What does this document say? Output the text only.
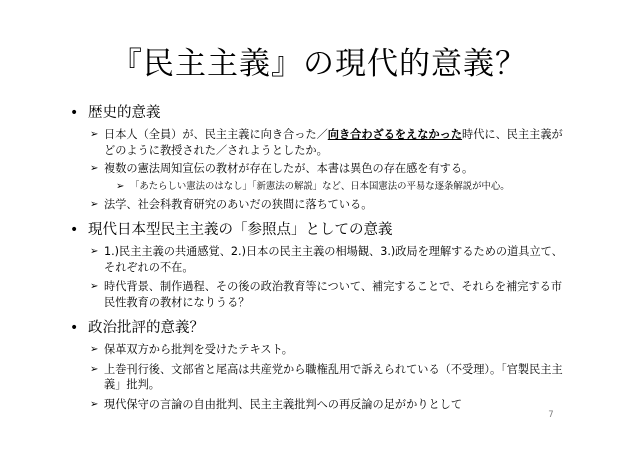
『民主主義』の現代的意義？
• 歴史的意義
➢ 日本人（全員）が、民主主義に向き合った／向き合わざるをえなかった時代に、民主主義がどのように教授された／されようとしたか。
➢ 複数の憲法周知宣伝の教材が存在したが、本書は異色の存在感を有する。
➢ 「あたらしい憲法のはなし」「新憲法の解説」など、日本国憲法の平易な逐条解説が中心。
➢ 法学、社会科教育研究のあいだの狭間に落ちている。
• 現代日本型民主主義の「参照点」としての意義
➢ 1.)民主主義の共通感覚、2.)日本の民主主義の相場観、3.)政局を理解するための道具立て、それぞれの不在。
➢ 時代背景、制作過程、その後の政治教育等について、補完することで、それらを補完する市民性教育の教材になりうる？
• 政治批評的意義？
➢ 保革双方から批判を受けたテキスト。
➢ 上巻刊行後、文部省と尾高は共産党から職権乱用で訴えられている（不受理）。「官製民主主義」批判。
➢ 現代保守の言論の自由批判、民主主義批判への再反論の足がかりとして
7
